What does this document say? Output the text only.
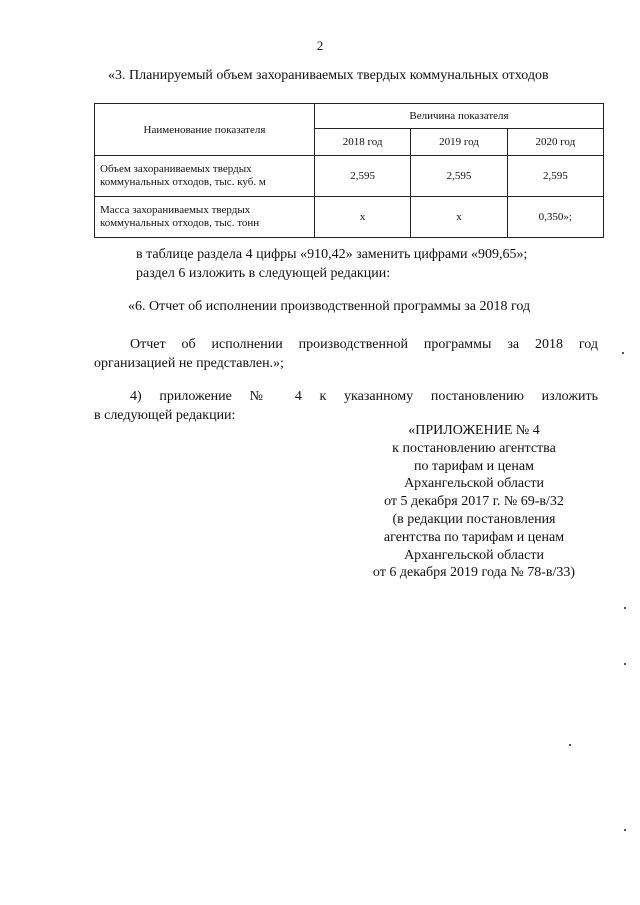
2
«3. Планируемый объем захораниваемых твердых коммунальных отходов
Наименование показателя	Величина показателя		
	2018 год	2019 год	2020 год
Объем захораниваемых твердых
коммунальных отходов, тыс. куб. м	2,595	2,595	2,595
Масса захораниваемых твердых
коммунальных отходов, тыс. тонн	х	х	0,350»;
в таблице раздела 4 цифры «910,42» заменить цифрами «909,65»;
раздел 6 изложить в следующей редакции:
«6. Отчет об исполнении производственной программы за 2018 год
Отчет об исполнении производственной программы за 2018 год
организацией не представлен.»;
4) приложение № 4 к указанному постановлению изложить
в следующей редакции:
«ПРИЛОЖЕНИЕ № 4
к постановлению агентства
по тарифам и ценам
Архангельской области
от 5 декабря 2017 г. № 69-в/32
(в редакции постановления
агентства по тарифам и ценам
Архангельской области
от 6 декабря 2019 года № 78-в/33)
